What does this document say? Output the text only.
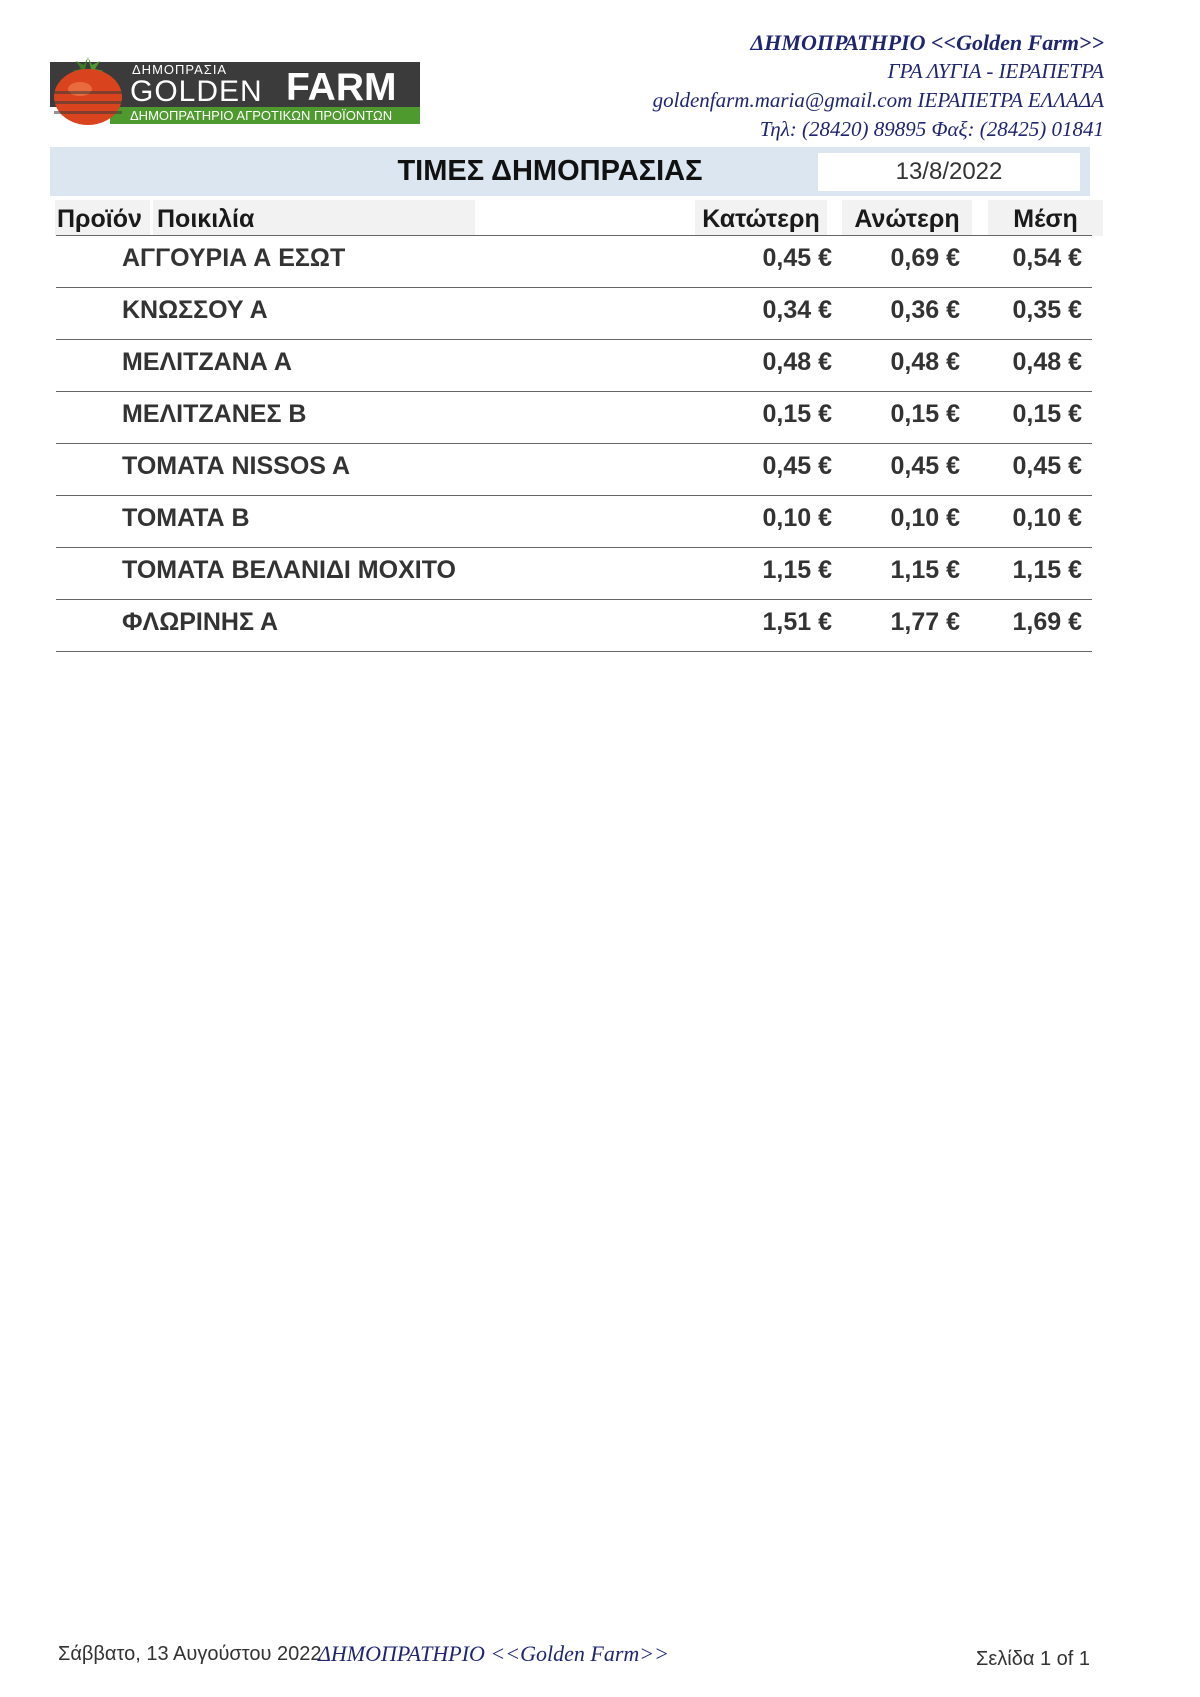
ΔΗΜΟΠΡΑΣΙΑ
GOLDEN FARM
ΔΗΜΟΠΡΑΤΗΡΙΟ ΑΓΡΟΤΙΚΩΝ ΠΡΟΪΟΝΤΩΝ
ΔΗΜΟΠΡΑΤΗΡΙΟ <<Golden Farm>>
ΓΡΑ ΛΥΓΙΑ - ΙΕΡΑΠΕΤΡΑ
goldenfarm.maria@gmail.com ΙΕΡΑΠΕΤΡΑ ΕΛΛΑΔΑ
Τηλ: (28420) 89895 Φαξ: (28425) 01841
ΤΙΜΕΣ ΔΗΜΟΠΡΑΣΙΑΣ	13/8/2022
Προϊόν Ποικιλία	Κατώτερη	Ανώτερη	Μέση
ΑΓΓΟΥΡΙΑ Α ΕΣΩΤ	0,45 € 0,69 € 0,54 €
ΚΝΩΣΣΟΥ Α	0,34 € 0,36 € 0,35 €
ΜΕΛΙΤΖΑΝΑ Α	0,48 € 0,48 € 0,48 €
ΜΕΛΙΤΖΑΝΕΣ Β	0,15 € 0,15 € 0,15 €
ΤΟΜΑΤΑ NISSOS A	0,45 € 0,45 € 0,45 €
ΤΟΜΑΤΑ Β	0,10 € 0,10 € 0,10 €
ΤΟΜΑΤΑ ΒΕΛΑΝΙΔΙ ΜΟΧΙΤΟ	1,15 € 1,15 € 1,15 €
ΦΛΩΡΙΝΗΣ Α	1,51 € 1,77 € 1,69 €
Σάββατο, 13 Αυγούστου 2022
ΔΗΜΟΠΡΑΤΗΡΙΟ <<Golden Farm>>	Σελίδα 1 of 1
